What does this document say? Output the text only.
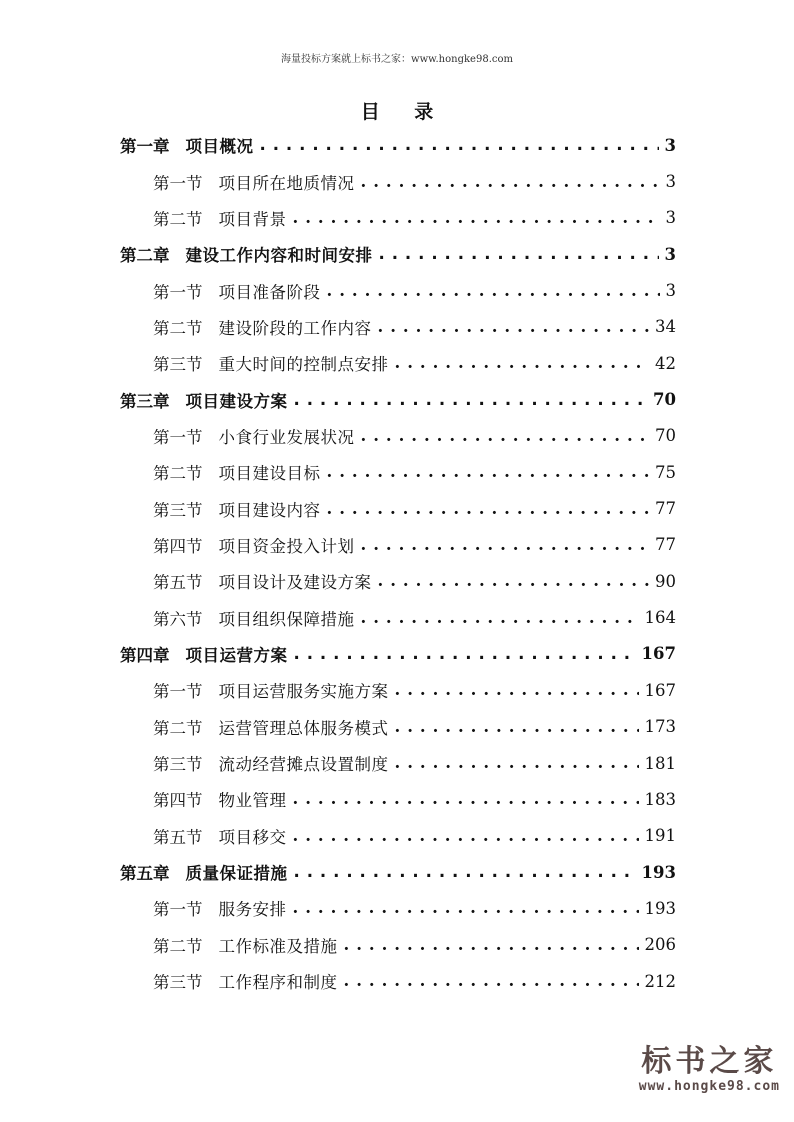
海量投标方案就上标书之家：www.hongke98.com
目 录
第一章 项目概况 . . .	3
第一节 项目所在地质情况 . . .	3
第二节 项目背景 . . .	3
第二章 建设工作内容和时间安排 . . .	3
第一节 项目准备阶段 . . .	3
第二节 建设阶段的工作内容 . . .	34
第三节 重大时间的控制点安排 . . .	42
第三章 项目建设方案 . . .	70
第一节 小食行业发展状况 . . .	70
第二节 项目建设目标 . . .	75
第三节 项目建设内容 . . .	77
第四节 项目资金投入计划 . . .	77
第五节 项目设计及建设方案 . . .	90
第六节 项目组织保障措施 . . .	164
第四章 项目运营方案 . . .	167
第一节 项目运营服务实施方案 . . .	167
第二节 运营管理总体服务模式 . . .	173
第三节 流动经营摊点设置制度 . . .	181
第四节 物业管理 . . .	183
第五节 项目移交 . . .	191
第五章 质量保证措施 . . .	193
第一节 服务安排 . . .	193
第二节 工作标准及措施 . . .	206
第三节 工作程序和制度 . . .	212
标书之家
www.hongke98.com
